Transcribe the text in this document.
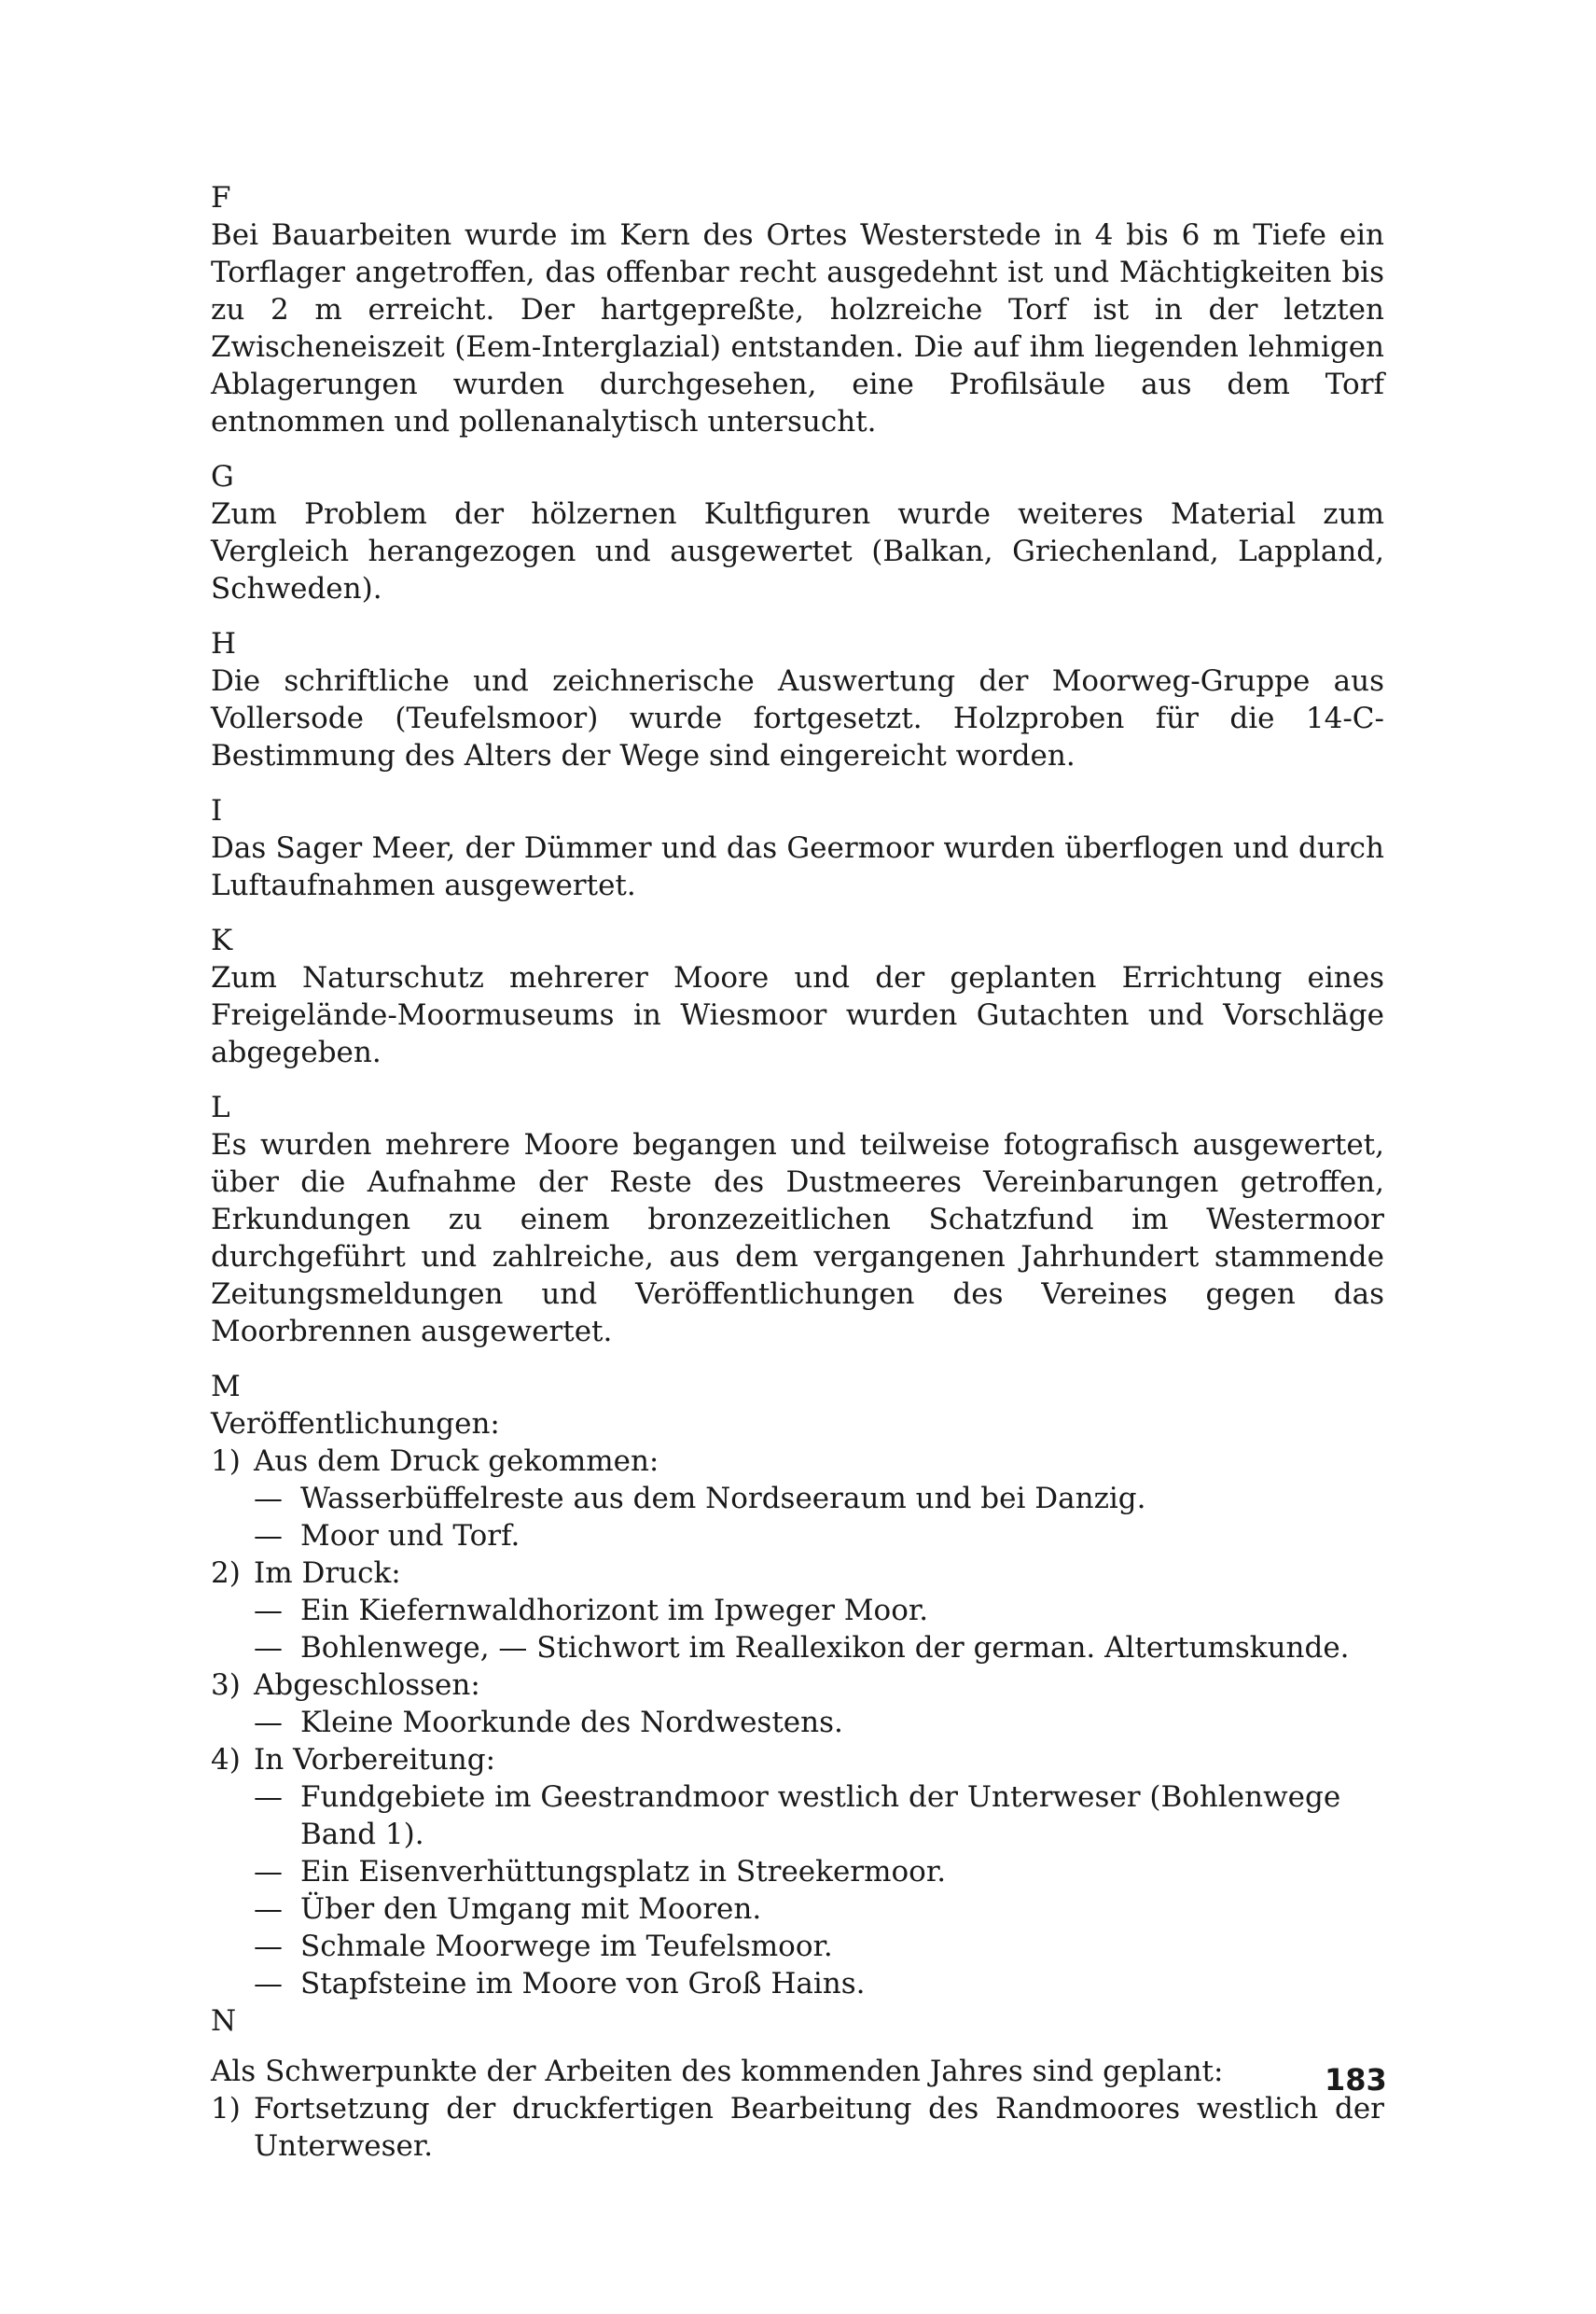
F

Bei Bauarbeiten wurde im Kern des Ortes Westerstede in 4 bis 6 m Tiefe ein Torflager angetroffen, das offenbar recht ausgedehnt ist und Mächtigkeiten bis zu 2 m erreicht. Der hartgepreßte, holzreiche Torf ist in der letzten Zwischeneiszeit (Eem-Interglazial) entstanden. Die auf ihm liegenden lehmigen Ablagerungen wurden durchgesehen, eine Profilsäule aus dem Torf entnommen und pollenanalytisch untersucht.

G

Zum Problem der hölzernen Kultfiguren wurde weiteres Material zum Vergleich herangezogen und ausgewertet (Balkan, Griechenland, Lappland, Schweden).

H

Die schriftliche und zeichnerische Auswertung der Moorweg-Gruppe aus Vollersode (Teufelsmoor) wurde fortgesetzt. Holzproben für die 14-C-Bestimmung des Alters der Wege sind eingereicht worden.

I

Das Sager Meer, der Dümmer und das Geermoor wurden überflogen und durch Luftaufnahmen ausgewertet.

K

Zum Naturschutz mehrerer Moore und der geplanten Errichtung eines Freigelände-Moormuseums in Wiesmoor wurden Gutachten und Vorschläge abgegeben.

L

Es wurden mehrere Moore begangen und teilweise fotografisch ausgewertet, über die Aufnahme der Reste des Dustmeeres Vereinbarungen getroffen, Erkundungen zu einem bronzezeitlichen Schatzfund im Westermoor durchgeführt und zahlreiche, aus dem vergangenen Jahrhundert stammende Zeitungsmeldungen und Veröffentlichungen des Vereines gegen das Moorbrennen ausgewertet.

M
Veröffentlichungen:
1) Aus dem Druck gekommen:
— Wasserbüffelreste aus dem Nordseeraum und bei Danzig.
— Moor und Torf.
2) Im Druck:
— Ein Kiefernwaldhorizont im Ipweger Moor.
— Bohlenwege, — Stichwort im Reallexikon der german. Altertumskunde.
3) Abgeschlossen:
— Kleine Moorkunde des Nordwestens.
4) In Vorbereitung:
— Fundgebiete im Geestrandmoor westlich der Unterweser (Bohlenwege Band 1).
— Ein Eisenverhüttungsplatz in Streekermoor.
— Über den Umgang mit Mooren.
— Schmale Moorwege im Teufelsmoor.
— Stapfsteine im Moore von Groß Hains.
N
Als Schwerpunkte der Arbeiten des kommenden Jahres sind geplant:
1) Fortsetzung der druckfertigen Bearbeitung des Randmoores westlich der Unterweser.
183
